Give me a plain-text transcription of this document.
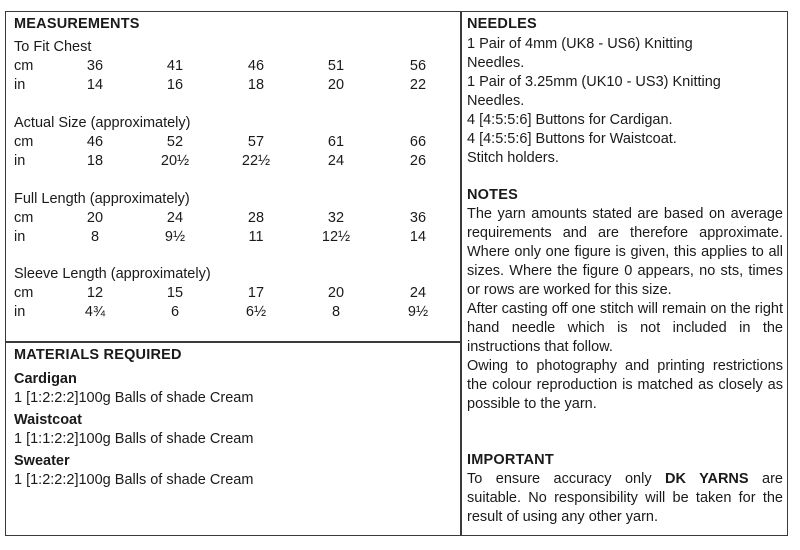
MEASUREMENTS
To Fit Chest
cm	36	41	46	51	56
in	14	16	18	20	22
Actual Size (approximately)
cm	46	52	57	61	66
in	18	20½	22½	24	26
Full Length (approximately)
cm	20	24	28	32	36
in	8	9½	11	12½	14
Sleeve Length (approximately)
cm	12	15	17	20	24
in	4¾	6	6½	8	9½
MATERIALS REQUIRED
Cardigan
1 [1:2:2:2]100g Balls of shade Cream
Waistcoat
1 [1:1:2:2]100g Balls of shade Cream
Sweater
1 [1:2:2:2]100g Balls of shade Cream
NEEDLES
1 Pair of 4mm (UK8 - US6) Knitting
Needles.
1 Pair of 3.25mm (UK10 - US3) Knitting
Needles.
4 [4:5:5:6] Buttons for Cardigan.
4 [4:5:5:6] Buttons for Waistcoat.
Stitch holders.
NOTES

The yarn amounts stated are based on average requirements and are therefore approximate. Where only one figure is given, this applies to all sizes. Where the figure 0 appears, no sts, times or rows are worked for this size.

After casting off one stitch will remain on the right hand needle which is not included in the instructions that follow.

Owing to photography and printing restrictions the colour reproduction is matched as closely as possible to the yarn.

IMPORTANT
To ensure accuracy only DK YARNS are suitable. No responsibility will be taken for the result of using any other yarn.
